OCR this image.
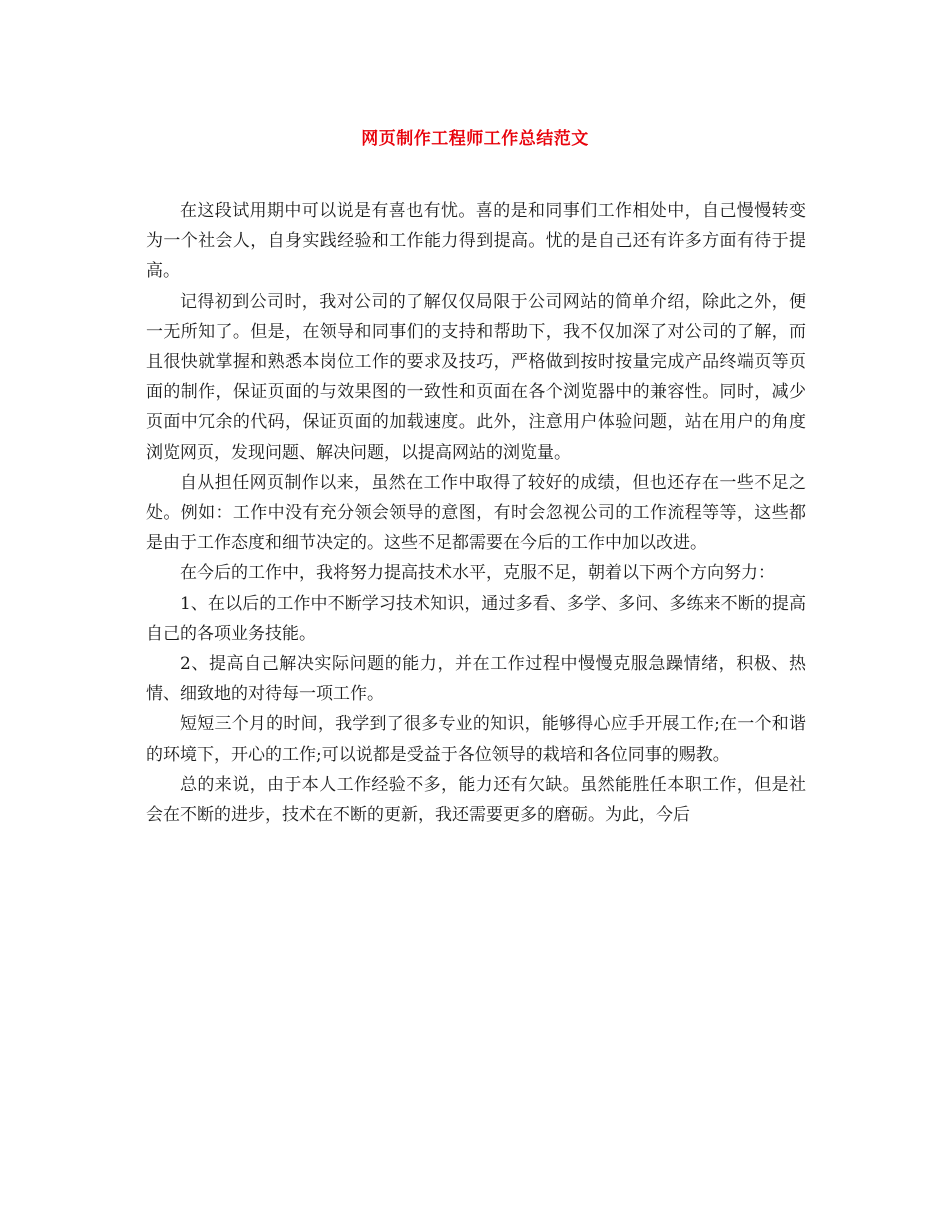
网页制作工程师工作总结范文

在这段试用期中可以说是有喜也有忧。喜的是和同事们工作相处中，自己慢慢转变为一个社会人，自身实践经验和工作能力得到提高。忧的是自己还有许多方面有待于提高。

记得初到公司时，我对公司的了解仅仅局限于公司网站的简单介绍，除此之外，便一无所知了。但是，在领导和同事们的支持和帮助下，我不仅加深了对公司的了解，而且很快就掌握和熟悉本岗位工作的要求及技巧，严格做到按时按量完成产品终端页等页面的制作，保证页面的与效果图的一致性和页面在各个浏览器中的兼容性。同时，减少页面中冗余的代码，保证页面的加载速度。此外，注意用户体验问题，站在用户的角度浏览网页，发现问题、解决问题，以提高网站的浏览量。

自从担任网页制作以来，虽然在工作中取得了较好的成绩，但也还存在一些不足之处。例如：工作中没有充分领会领导的意图，有时会忽视公司的工作流程等等，这些都是由于工作态度和细节决定的。这些不足都需要在今后的工作中加以改进。

在今后的工作中，我将努力提高技术水平，克服不足，朝着以下两个方向努力：

1、在以后的工作中不断学习技术知识，通过多看、多学、多问、多练来不断的提高自己的各项业务技能。

2、提高自己解决实际问题的能力，并在工作过程中慢慢克服急躁情绪，积极、热情、细致地的对待每一项工作。

短短三个月的时间，我学到了很多专业的知识，能够得心应手开展工作;在一个和谐的环境下，开心的工作;可以说都是受益于各位领导的栽培和各位同事的赐教。

总的来说，由于本人工作经验不多，能力还有欠缺。虽然能胜任本职工作，但是社会在不断的进步，技术在不断的更新，我还需要更多的磨砺。为此，今后
